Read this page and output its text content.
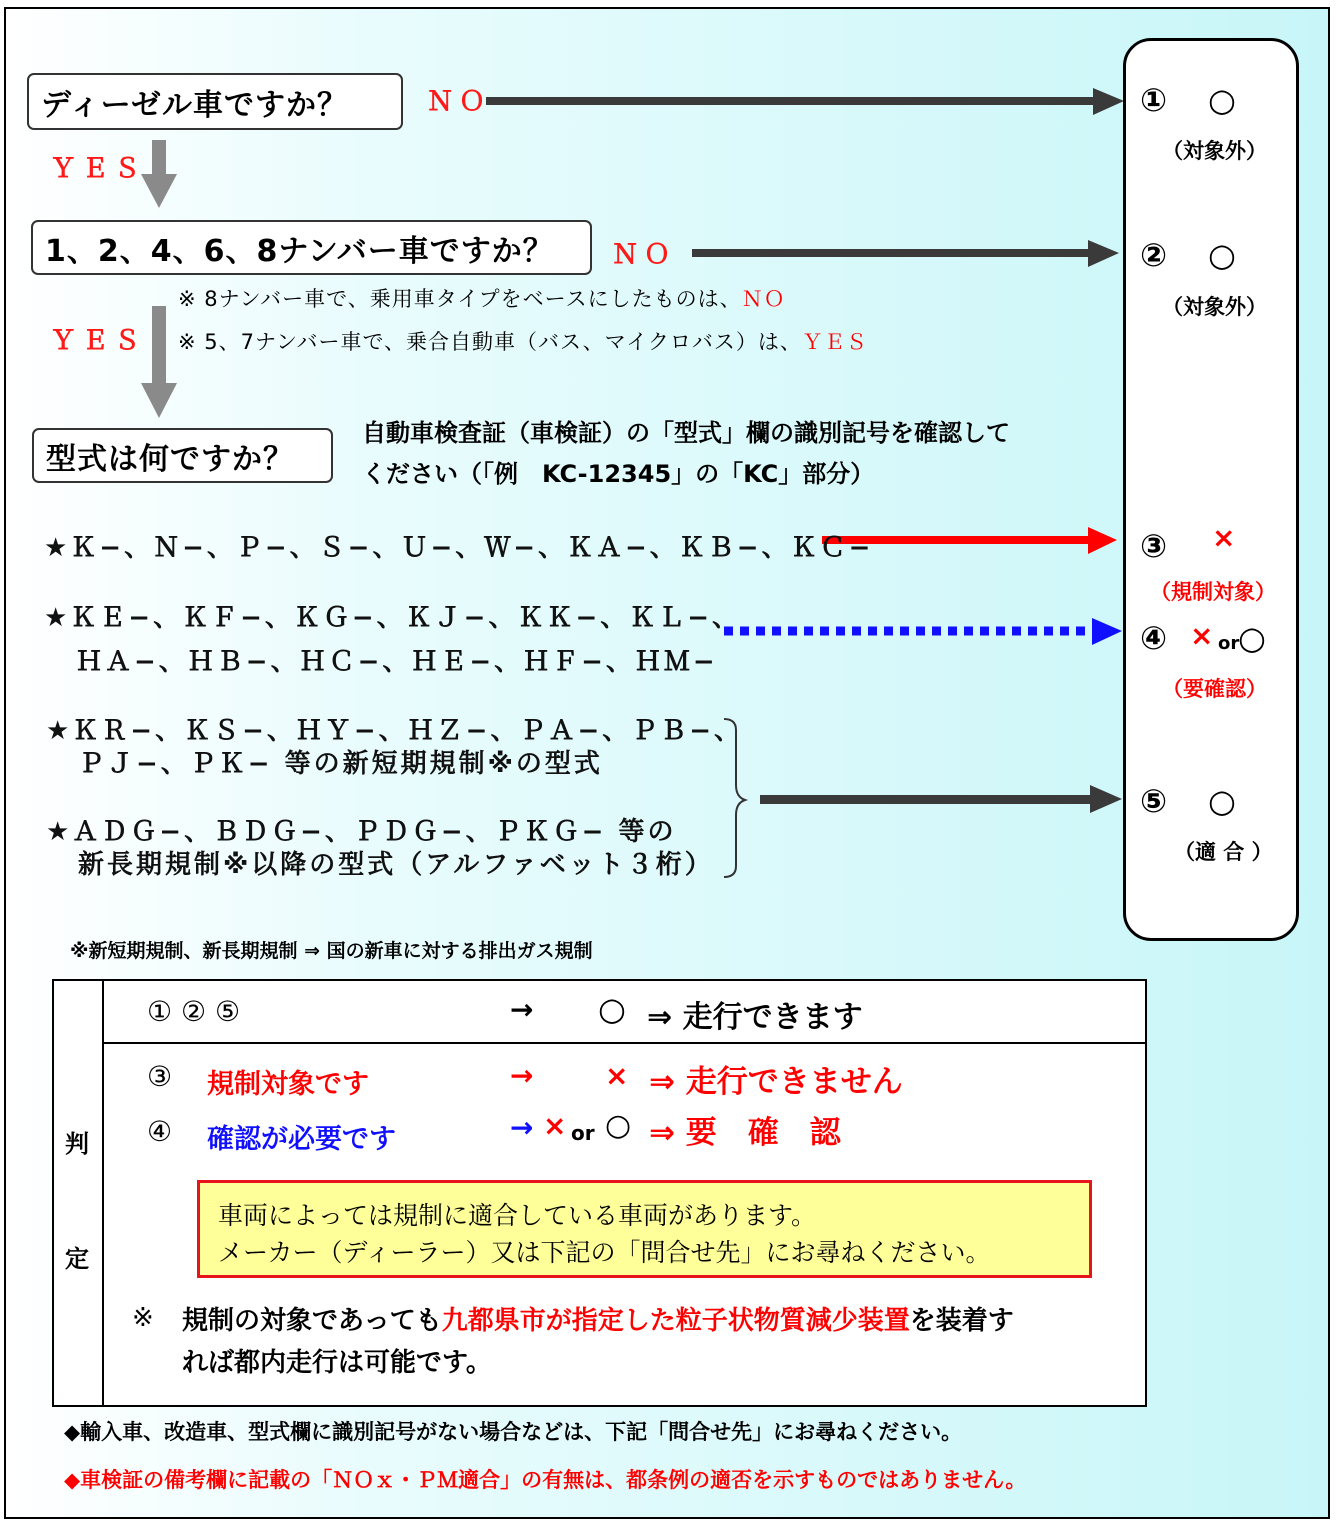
ディーゼル車ですか？
1、2、4、6、8ナンバー車ですか？
型式は何ですか？
ＹＥＳ
ＹＥＳ
ＮＯ
ＮＯ
※ 8ナンバー車で、乗用車タイプをベースにしたものは、ＮＯ
※ 5、7ナンバー車で、乗合自動車（バス、マイクロバス）は、ＹＥＳ
自動車検査証（車検証）の「型式」欄の識別記号を確認して
ください（「例　KC-12345」の「KC」部分）
★Ｋ−、Ｎ−、Ｐ−、Ｓ−、Ｕ−、Ｗ−、ＫＡ−、ＫＢ−、ＫＣ−
★ＫＥ−、ＫＦ−、ＫＧ−、ＫＪ−、ＫＫ−、ＫＬ−、
ＨＡ−、ＨＢ−、ＨＣ−、ＨＥ−、ＨＦ−、ＨＭ−
★ＫＲ−、ＫＳ−、ＨＹ−、ＨＺ−、ＰＡ−、ＰＢ−、
ＰＪ−、ＰＫ− 等の新短期規制※の型式
★ＡＤＧ−、ＢＤＧ−、ＰＤＧ−、ＰＫＧ− 等の
新長期規制※以降の型式（アルファベット３桁）
※新短期規制、新長期規制 ⇒ 国の新車に対する排出ガス規制
① ○
（対象外）
② ○
（対象外）
③ ×
（規制対象）
④ × or
○
（要確認）
⑤ ○
（適 合 ）
判
定
① ② ⑤	→ ○ ⇒ 走行できます
③ 規制対象です	→	× ⇒ 走行できません
④ 確認が必要です	→ × or ○ ⇒ 要　確　認
車両によっては規制に適合している車両があります。
メーカー（ディーラー）又は下記の「問合せ先」にお尋ねください。
※ 規制の対象であっても九都県市が指定した粒子状物質減少装置を装着す
れば都内走行は可能です。
◆輸入車、改造車、型式欄に識別記号がない場合などは、下記「問合せ先」にお尋ねください。
◆車検証の備考欄に記載の「ＮＯｘ・ＰＭ適合」の有無は、都条例の適否を示すものではありません。
